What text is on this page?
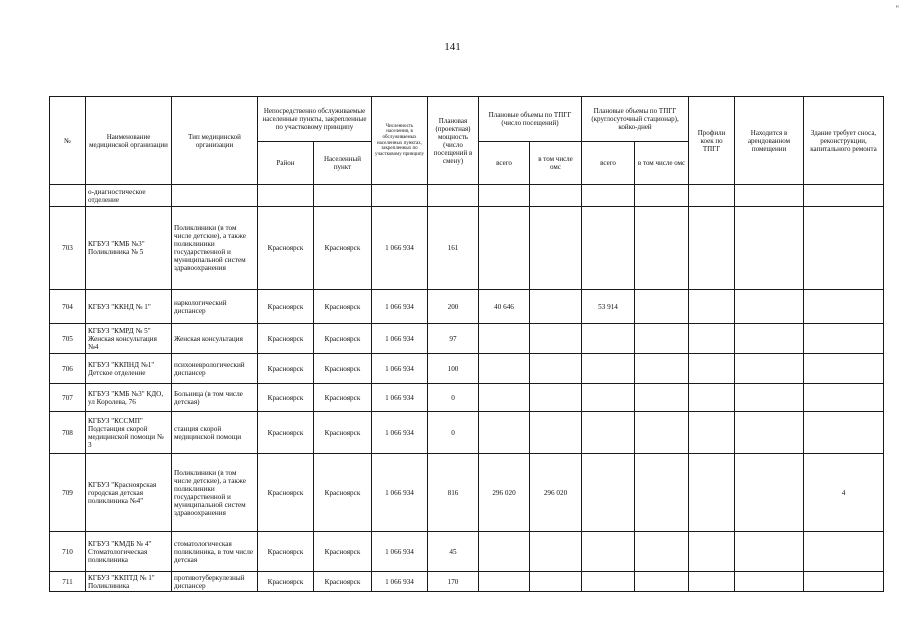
141
"
№	Наименование медицинской организации	Тип медицинской организации	Непосредственно обслуживаемые населенные пункты, закрепленные по участковому принципу		Численность населения, в обслуживаемых населенных пунктах, закрепленных по участковому принципу	Плановая (проектная) мощность (число посещений в смену)	Плановые объемы по ТПГГ (число посещений)		Плановые объемы по ТПГГ (круглосуточный стационар), койко-дней		Профили коек по ТПГГ	Находится в арендованном помещении	Здание требует сноса, реконструкции, капитального ремонта
			Район	Населенный пункт			всего	в том числе омс	всего	в том числе омс			
	о-диагностическое отделение												
703	КГБУЗ "КМБ №3" Поликлиника № 5	Поликлиники (в том числе детские), а также поликлиники государственной и муниципальной систем здравоохранения	Красноярск	Красноярск	1 066 934	161							
704	КГБУЗ "ККНД № 1"	наркологический диспансер	Красноярск	Красноярск	1 066 934	200	40 646		53 914				
705	КГБУЗ "КМРД № 5" Женская консультация №4	Женская консультация	Красноярск	Красноярск	1 066 934	97							
706	КГБУЗ "ККПНД №1" Детское отделение	психоневрологический диспансер	Красноярск	Красноярск	1 066 934	100							
707	КГБУЗ "КМБ №3" КДО, ул Королева, 76	Больница (в том числе детская)	Красноярск	Красноярск	1 066 934	0							
708	КГБУЗ "КССМП" Подстанция скорой медицинской помощи № 3	станция скорой медицинской помощи	Красноярск	Красноярск	1 066 934	0							
709	КГБУЗ "Красноярская городская детская поликлиника №4"	Поликлиники (в том числе детские), а также поликлиники государственной и муниципальной систем здравоохранения	Красноярск	Красноярск	1 066 934	816	296 020	296 020					4
710	КГБУЗ "КМДБ № 4" Стоматологическая поликлиника	стоматологическая поликлиника, в том числе детская	Красноярск	Красноярск	1 066 934	45							
711	КГБУЗ "ККПТД № 1" Поликлиника	противотуберкулезный диспансер	Красноярск	Красноярск	1 066 934	170							
